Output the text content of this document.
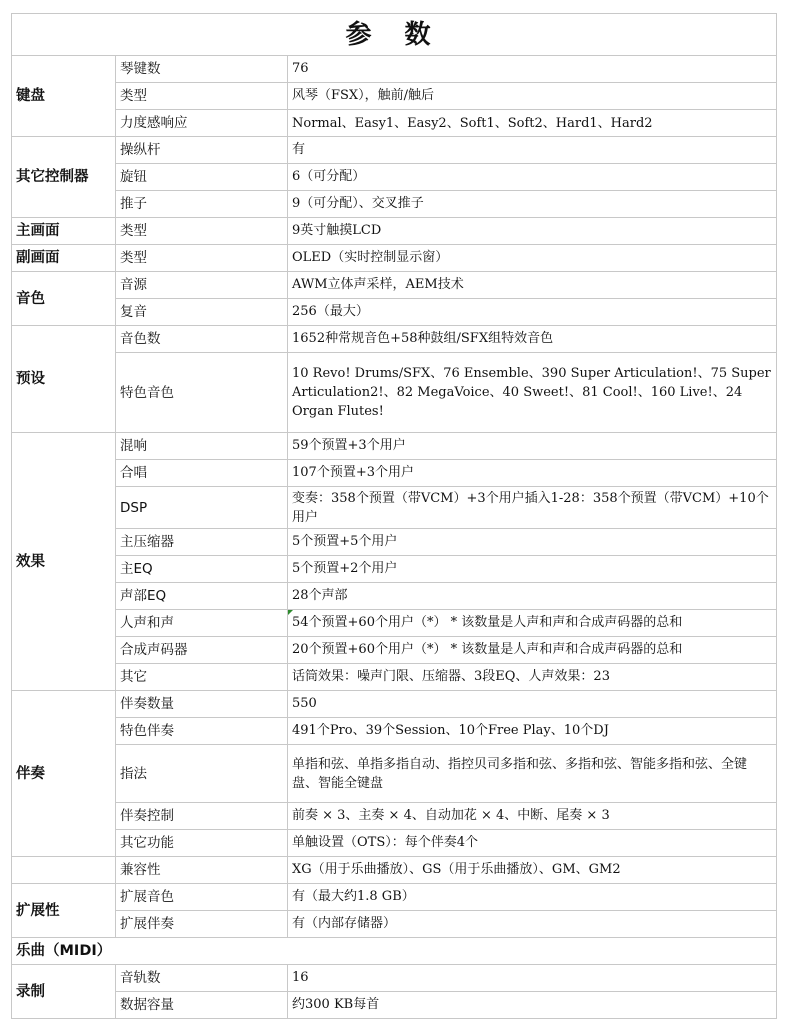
参 数		
键盘	琴键数	76
	类型	风琴（FSX），触前/触后
	力度感响应	Normal、Easy1、Easy2、Soft1、Soft2、Hard1、Hard2
其它控制器	操纵杆	有
	旋钮	6（可分配）
	推子	9（可分配）、交叉推子
主画面	类型	9英寸触摸LCD
副画面	类型	OLED（实时控制显示窗）
音色	音源	AWM立体声采样，AEM技术
	复音	256（最大）
预设	音色数	1652种常规音色+58种鼓组/SFX组特效音色
	特色音色	10 Revo! Drums/SFX、76 Ensemble、390 Super Articulation!、75 Super Articulation2!、82 MegaVoice、40 Sweet!、81 Cool!、160 Live!、24 Organ Flutes!
效果	混响	59个预置+3个用户
	合唱	107个预置+3个用户
	DSP	变奏：358个预置（带VCM）+3个用户插入1-28：358个预置（带VCM）+10个用户
	主压缩器	5个预置+5个用户
	主EQ	5个预置+2个用户
	声部EQ	28个声部
	人声和声	54个预置+60个用户（*） * 该数量是人声和声和合成声码器的总和
	合成声码器	20个预置+60个用户（*） * 该数量是人声和声和合成声码器的总和
	其它	话筒效果：噪声门限、压缩器、3段EQ、人声效果：23
伴奏	伴奏数量	550
	特色伴奏	491个Pro、39个Session、10个Free Play、10个DJ
	指法	单指和弦、单指多指自动、指控贝司多指和弦、多指和弦、智能多指和弦、全键盘、智能全键盘
	伴奏控制	前奏 × 3、主奏 × 4、自动加花 × 4、中断、尾奏 × 3
	其它功能	单触设置（OTS）：每个伴奏4个
	兼容性	XG（用于乐曲播放）、GS（用于乐曲播放）、GM、GM2
扩展性	扩展音色	有（最大约1.8 GB）
	扩展伴奏	有（内部存储器）
乐曲（MIDI）		
录制	音轨数	16
	数据容量	约300 KB每首
